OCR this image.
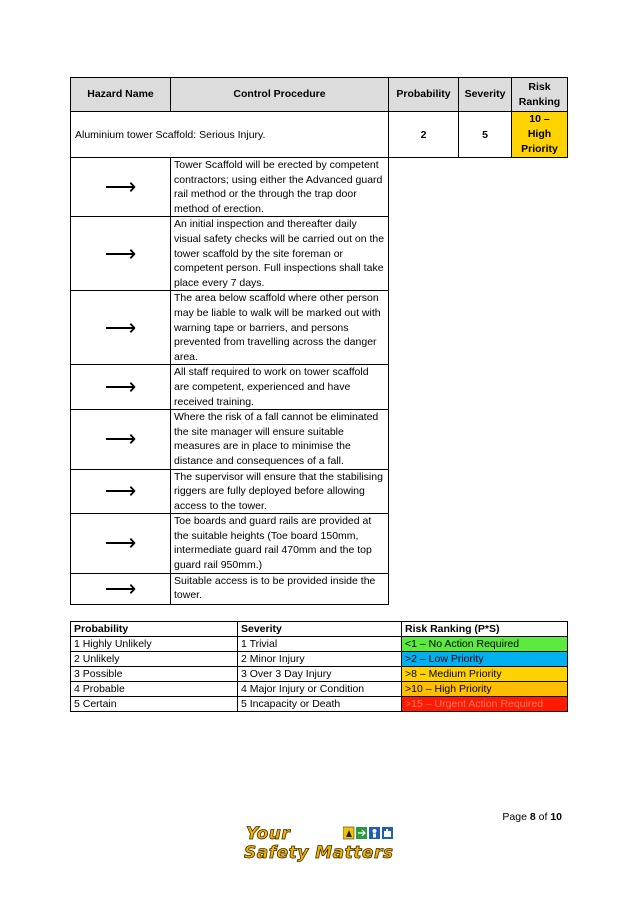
Hazard Name	Control Procedure	Probability	Severity	Risk
Ranking

Aluminium tower Scaffold: Serious Injury.		2	5	10 –
High
Priority

⟶	Tower Scaffold will be erected by competent contractors; using either the Advanced guard rail method or the through the trap door method of erection.			
⟶	An initial inspection and thereafter daily visual safety checks will be carried out on the tower scaffold by the site foreman or competent person. Full inspections shall take place every 7 days.			
⟶	The area below scaffold where other person may be liable to walk will be marked out with warning tape or barriers, and persons prevented from travelling across the danger area.			
⟶	All staff required to work on tower scaffold are competent, experienced and have received training.			
⟶	Where the risk of a fall cannot be eliminated the site manager will ensure suitable measures are in place to minimise the distance and consequences of a fall.			
⟶	The supervisor will ensure that the stabilising riggers are fully deployed before allowing access to the tower.			
⟶	Toe boards and guard rails are provided at the suitable heights (Toe board 150mm, intermediate guard rail 470mm and the top guard rail 950mm.)			
⟶	Suitable access is to be provided inside the tower.			
Probability	Severity	Risk Ranking (P*S)
1 Highly Unlikely	1 Trivial	<1 – No Action Required
2 Unlikely	2 Minor Injury	>2 – Low Priority
3 Possible	3 Over 3 Day Injury	>8 – Medium Priority
4 Probable	4 Major Injury or Condition	>10 – High Priority
5 Certain	5 Incapacity or Death	>15 – Urgent Action Required
Page 8 of 10
Your
Safety Matters
